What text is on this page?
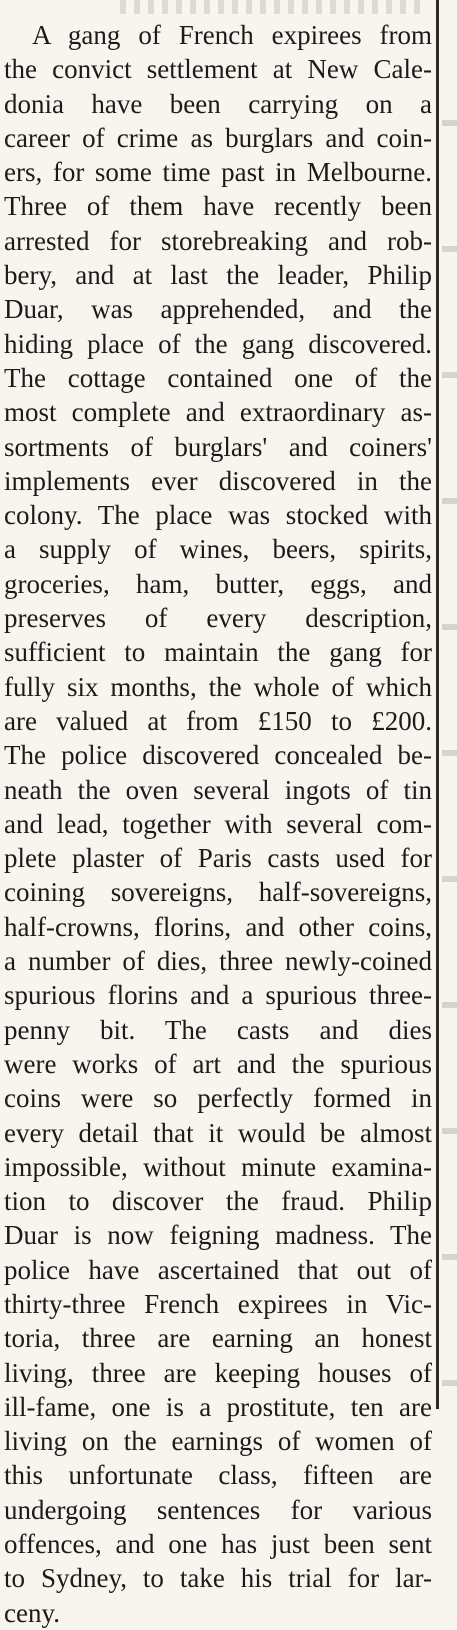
A gang of French expirees from
the convict settlement at New Cale-
donia have been carrying on a
career of crime as burglars and coin-
ers, for some time past in Melbourne.
Three of them have recently been
arrested for storebreaking and rob-
bery, and at last the leader, Philip
Duar, was apprehended, and the
hiding place of the gang discovered.
The cottage contained one of the
most complete and extraordinary as-
sortments of burglars' and coiners'
implements ever discovered in the
colony. The place was stocked with
a supply of wines, beers, spirits,
groceries, ham, butter, eggs, and
preserves of every description,
sufficient to maintain the gang for
fully six months, the whole of which
are valued at from £150 to £200.
The police discovered concealed be-
neath the oven several ingots of tin
and lead, together with several com-
plete plaster of Paris casts used for
coining sovereigns, half-sovereigns,
half-crowns, florins, and other coins,
a number of dies, three newly-coined
spurious florins and a spurious three-
penny bit. The casts and dies
were works of art and the spurious
coins were so perfectly formed in
every detail that it would be almost
impossible, without minute examina-
tion to discover the fraud. Philip
Duar is now feigning madness. The
police have ascertained that out of
thirty-three French expirees in Vic-
toria, three are earning an honest
living, three are keeping houses of
ill-fame, one is a prostitute, ten are
living on the earnings of women of
this unfortunate class, fifteen are
undergoing sentences for various
offences, and one has just been sent
to Sydney, to take his trial for lar-
ceny.
